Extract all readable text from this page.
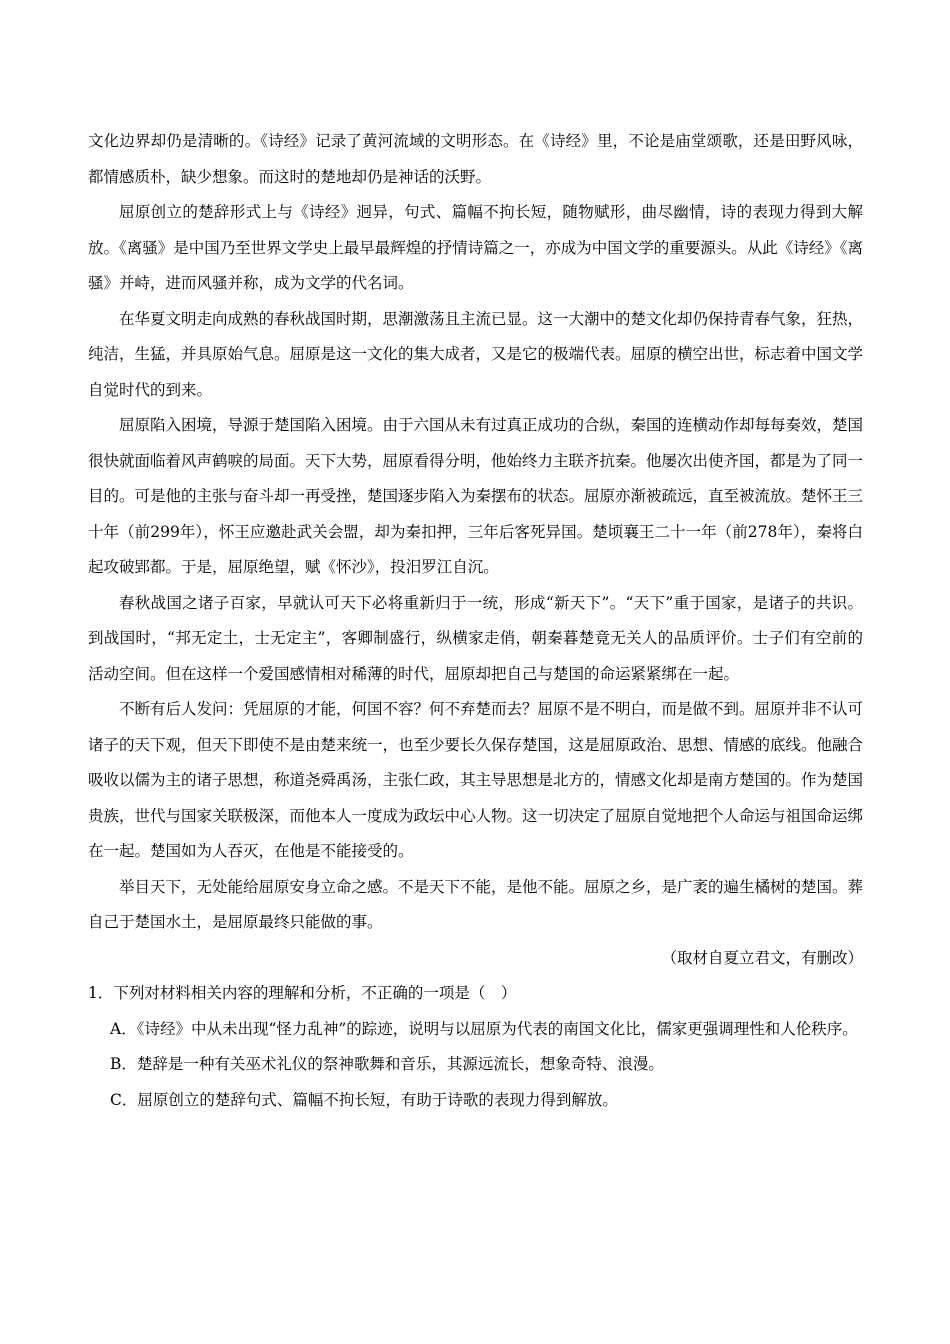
文化边界却仍是清晰的。《诗经》记录了黄河流域的文明形态。在《诗经》里，不论是庙堂颂歌，还是田野风咏，都情感质朴，缺少想象。而这时的楚地却仍是神话的沃野。

屈原创立的楚辞形式上与《诗经》迥异，句式、篇幅不拘长短，随物赋形，曲尽幽情，诗的表现力得到大解放。《离骚》是中国乃至世界文学史上最早最辉煌的抒情诗篇之一，亦成为中国文学的重要源头。从此《诗经》《离骚》并峙，进而风骚并称，成为文学的代名词。

在华夏文明走向成熟的春秋战国时期，思潮激荡且主流已显。这一大潮中的楚文化却仍保持青春气象，狂热，纯洁，生猛，并具原始气息。屈原是这一文化的集大成者，又是它的极端代表。屈原的横空出世，标志着中国文学自觉时代的到来。

屈原陷入困境，导源于楚国陷入困境。由于六国从未有过真正成功的合纵，秦国的连横动作却每每奏效，楚国很快就面临着风声鹤唳的局面。天下大势，屈原看得分明，他始终力主联齐抗秦。他屡次出使齐国，都是为了同一目的。可是他的主张与奋斗却一再受挫，楚国逐步陷入为秦摆布的状态。屈原亦渐被疏远，直至被流放。楚怀王三十年（前299年），怀王应邀赴武关会盟，却为秦扣押，三年后客死异国。楚顷襄王二十一年（前278年），秦将白起攻破郢都。于是，屈原绝望，赋《怀沙》，投汨罗江自沉。

春秋战国之诸子百家，早就认可天下必将重新归于一统，形成“新天下”。“天下”重于国家，是诸子的共识。到战国时，“邦无定土，士无定主”，客卿制盛行，纵横家走俏，朝秦暮楚竟无关人的品质评价。士子们有空前的活动空间。但在这样一个爱国感情相对稀薄的时代，屈原却把自己与楚国的命运紧紧绑在一起。

不断有后人发问：凭屈原的才能，何国不容？何不弃楚而去？屈原不是不明白，而是做不到。屈原并非不认可诸子的天下观，但天下即使不是由楚来统一，也至少要长久保存楚国，这是屈原政治、思想、情感的底线。他融合吸收以儒为主的诸子思想，称道尧舜禹汤，主张仁政，其主导思想是北方的，情感文化却是南方楚国的。作为楚国贵族，世代与国家关联极深，而他本人一度成为政坛中心人物。这一切决定了屈原自觉地把个人命运与祖国命运绑在一起。楚国如为人吞灭，在他是不能接受的。

举目天下，无处能给屈原安身立命之感。不是天下不能，是他不能。屈原之乡，是广袤的遍生橘树的楚国。葬自己于楚国水土，是屈原最终只能做的事。

（取材自夏立君文，有删改）

1．下列对材料相关内容的理解和分析，不正确的一项是（　）

A．《诗经》中从未出现“怪力乱神”的踪迹，说明与以屈原为代表的南国文化比，儒家更强调理性和人伦秩序。

B．楚辞是一种有关巫术礼仪的祭神歌舞和音乐，其源远流长，想象奇特、浪漫。

C．屈原创立的楚辞句式、篇幅不拘长短，有助于诗歌的表现力得到解放。
